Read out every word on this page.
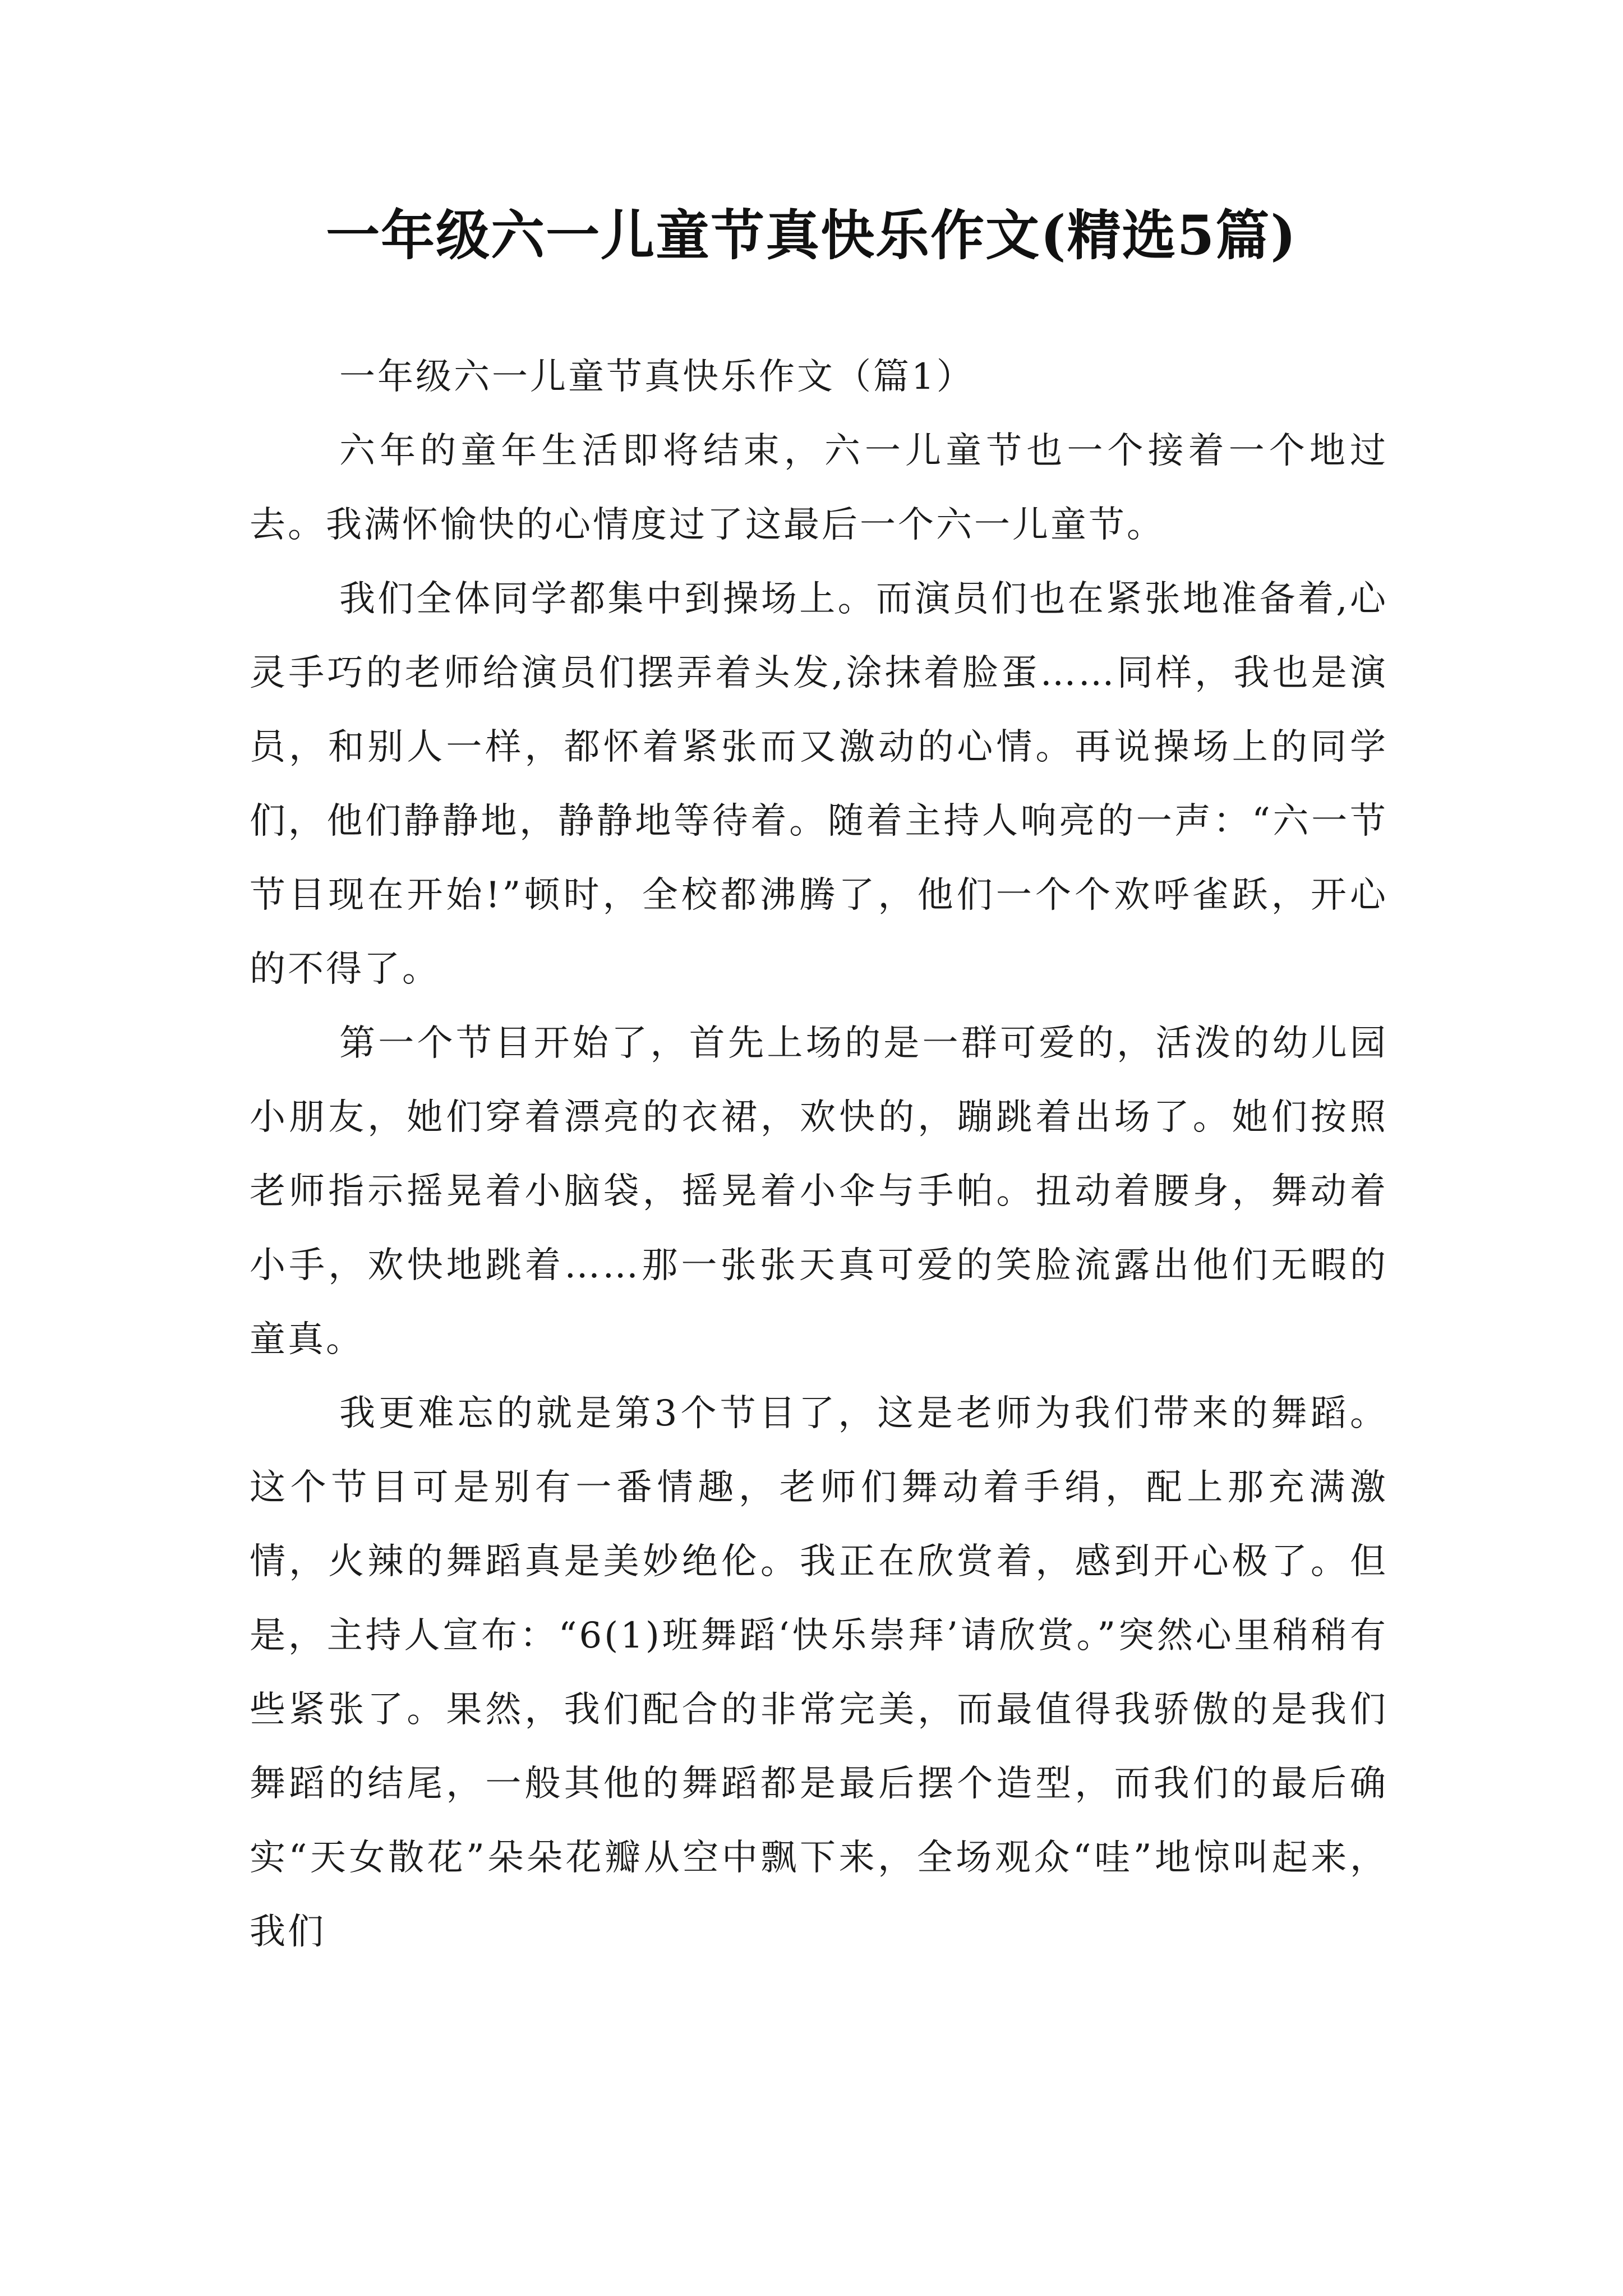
一年级六一儿童节真快乐作文(精选5篇)
一年级六一儿童节真快乐作文（篇1）

六年的童年生活即将结束，六一儿童节也一个接着一个地过去。我满怀愉快的心情度过了这最后一个六一儿童节。

我们全体同学都集中到操场上。而演员们也在紧张地准备着,心灵手巧的老师给演员们摆弄着头发,涂抹着脸蛋……同样，我也是演员，和别人一样，都怀着紧张而又激动的心情。再说操场上的同学们，他们静静地，静静地等待着。随着主持人响亮的一声：“六一节节目现在开始!”顿时，全校都沸腾了，他们一个个欢呼雀跃，开心的不得了。

第一个节目开始了，首先上场的是一群可爱的，活泼的幼儿园小朋友，她们穿着漂亮的衣裙，欢快的，蹦跳着出场了。她们按照老师指示摇晃着小脑袋，摇晃着小伞与手帕。扭动着腰身，舞动着小手，欢快地跳着……那一张张天真可爱的笑脸流露出他们无暇的童真。

我更难忘的就是第3个节目了，这是老师为我们带来的舞蹈。这个节目可是别有一番情趣，老师们舞动着手绢，配上那充满激情，火辣的舞蹈真是美妙绝伦。我正在欣赏着，感到开心极了。但是，主持人宣布：“6(1)班舞蹈‘快乐崇拜’请欣赏。”突然心里稍稍有些紧张了。果然，我们配合的非常完美，而最值得我骄傲的是我们舞蹈的结尾，一般其他的舞蹈都是最后摆个造型，而我们的最后确实“天女散花”朵朵花瓣从空中飘下来，全场观众“哇”地惊叫起来，我们
